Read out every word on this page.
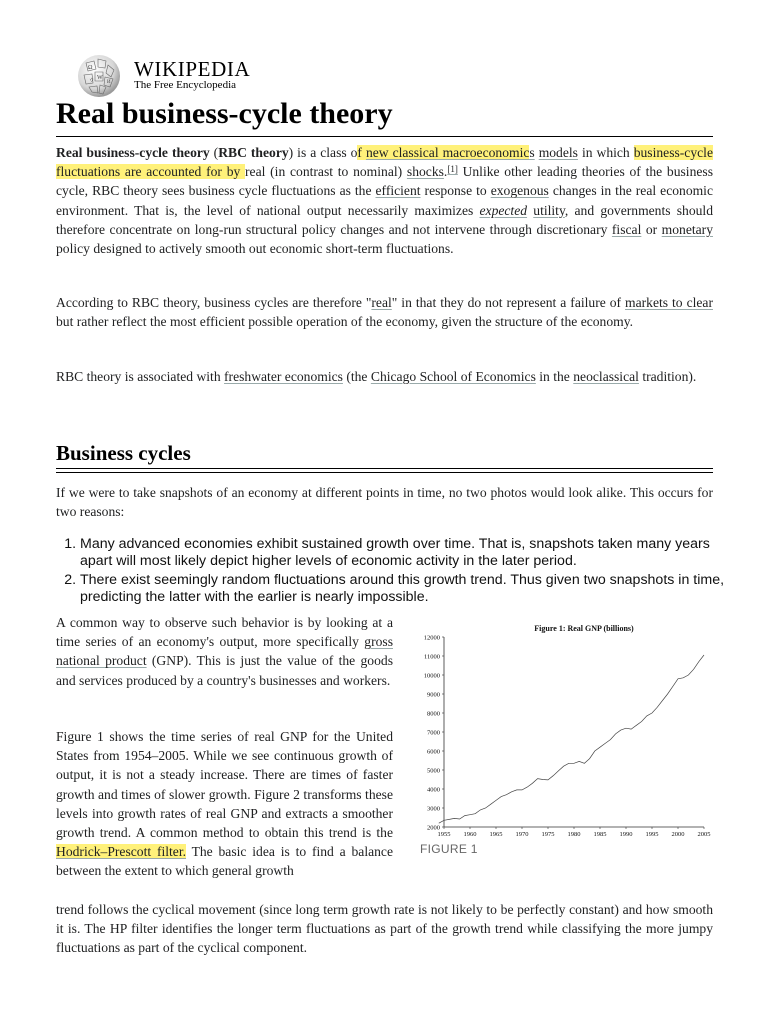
Ω
W
И
ウ
WIKIPEDIA
The Free Encyclopedia
Real business-cycle theory

Real business-cycle theory (RBC theory) is a class of new classical macroeconomics models in which business-cycle fluctuations are accounted for by real (in contrast to nominal) shocks.[1] Unlike other leading theories of the business cycle, RBC theory sees business cycle fluctuations as the efficient response to exogenous changes in the real economic environment. That is, the level of national output necessarily maximizes expected utility, and governments should therefore concentrate on long-run structural policy changes and not intervene through discretionary fiscal or monetary policy designed to actively smooth out economic short-term fluctuations.

According to RBC theory, business cycles are therefore "real" in that they do not represent a failure of markets to clear but rather reflect the most efficient possible operation of the economy, given the structure of the economy.

RBC theory is associated with freshwater economics (the Chicago School of Economics in the neoclassical tradition).

Business cycles

If we were to take snapshots of an economy at different points in time, no two photos would look alike. This occurs for two reasons:

1. Many advanced economies exhibit sustained growth over time. That is, snapshots taken many years apart will most likely depict higher levels of economic activity in the later period.
2. There exist seemingly random fluctuations around this growth trend. Thus given two snapshots in time, predicting the latter with the earlier is nearly impossible.

A common way to observe such behavior is by looking at a time series of an economy's output, more specifically gross national product (GNP). This is just the value of the goods and services produced by a country's businesses and workers.

Figure 1 shows the time series of real GNP for the United States from 1954–2005. While we see continuous growth of output, it is not a steady increase. There are times of faster growth and times of slower growth. Figure 2 transforms these levels into growth rates of real GNP and extracts a smoother growth trend. A common method to obtain this trend is the Hodrick–Prescott filter. The basic idea is to find a balance between the extent to which general growth

trend follows the cyclical movement (since long term growth rate is not likely to be perfectly constant) and how smooth it is. The HP filter identifies the longer term fluctuations as part of the growth trend while classifying the more jumpy fluctuations as part of the cyclical component.

Figure 1: Real GNP (billions)
2000
3000
4000
5000
6000
7000
8000
9000
10000
11000
12000
1955 1960 1965 1970 1975 1980 1985 1990 1995 2000 2005
FIGURE 1
